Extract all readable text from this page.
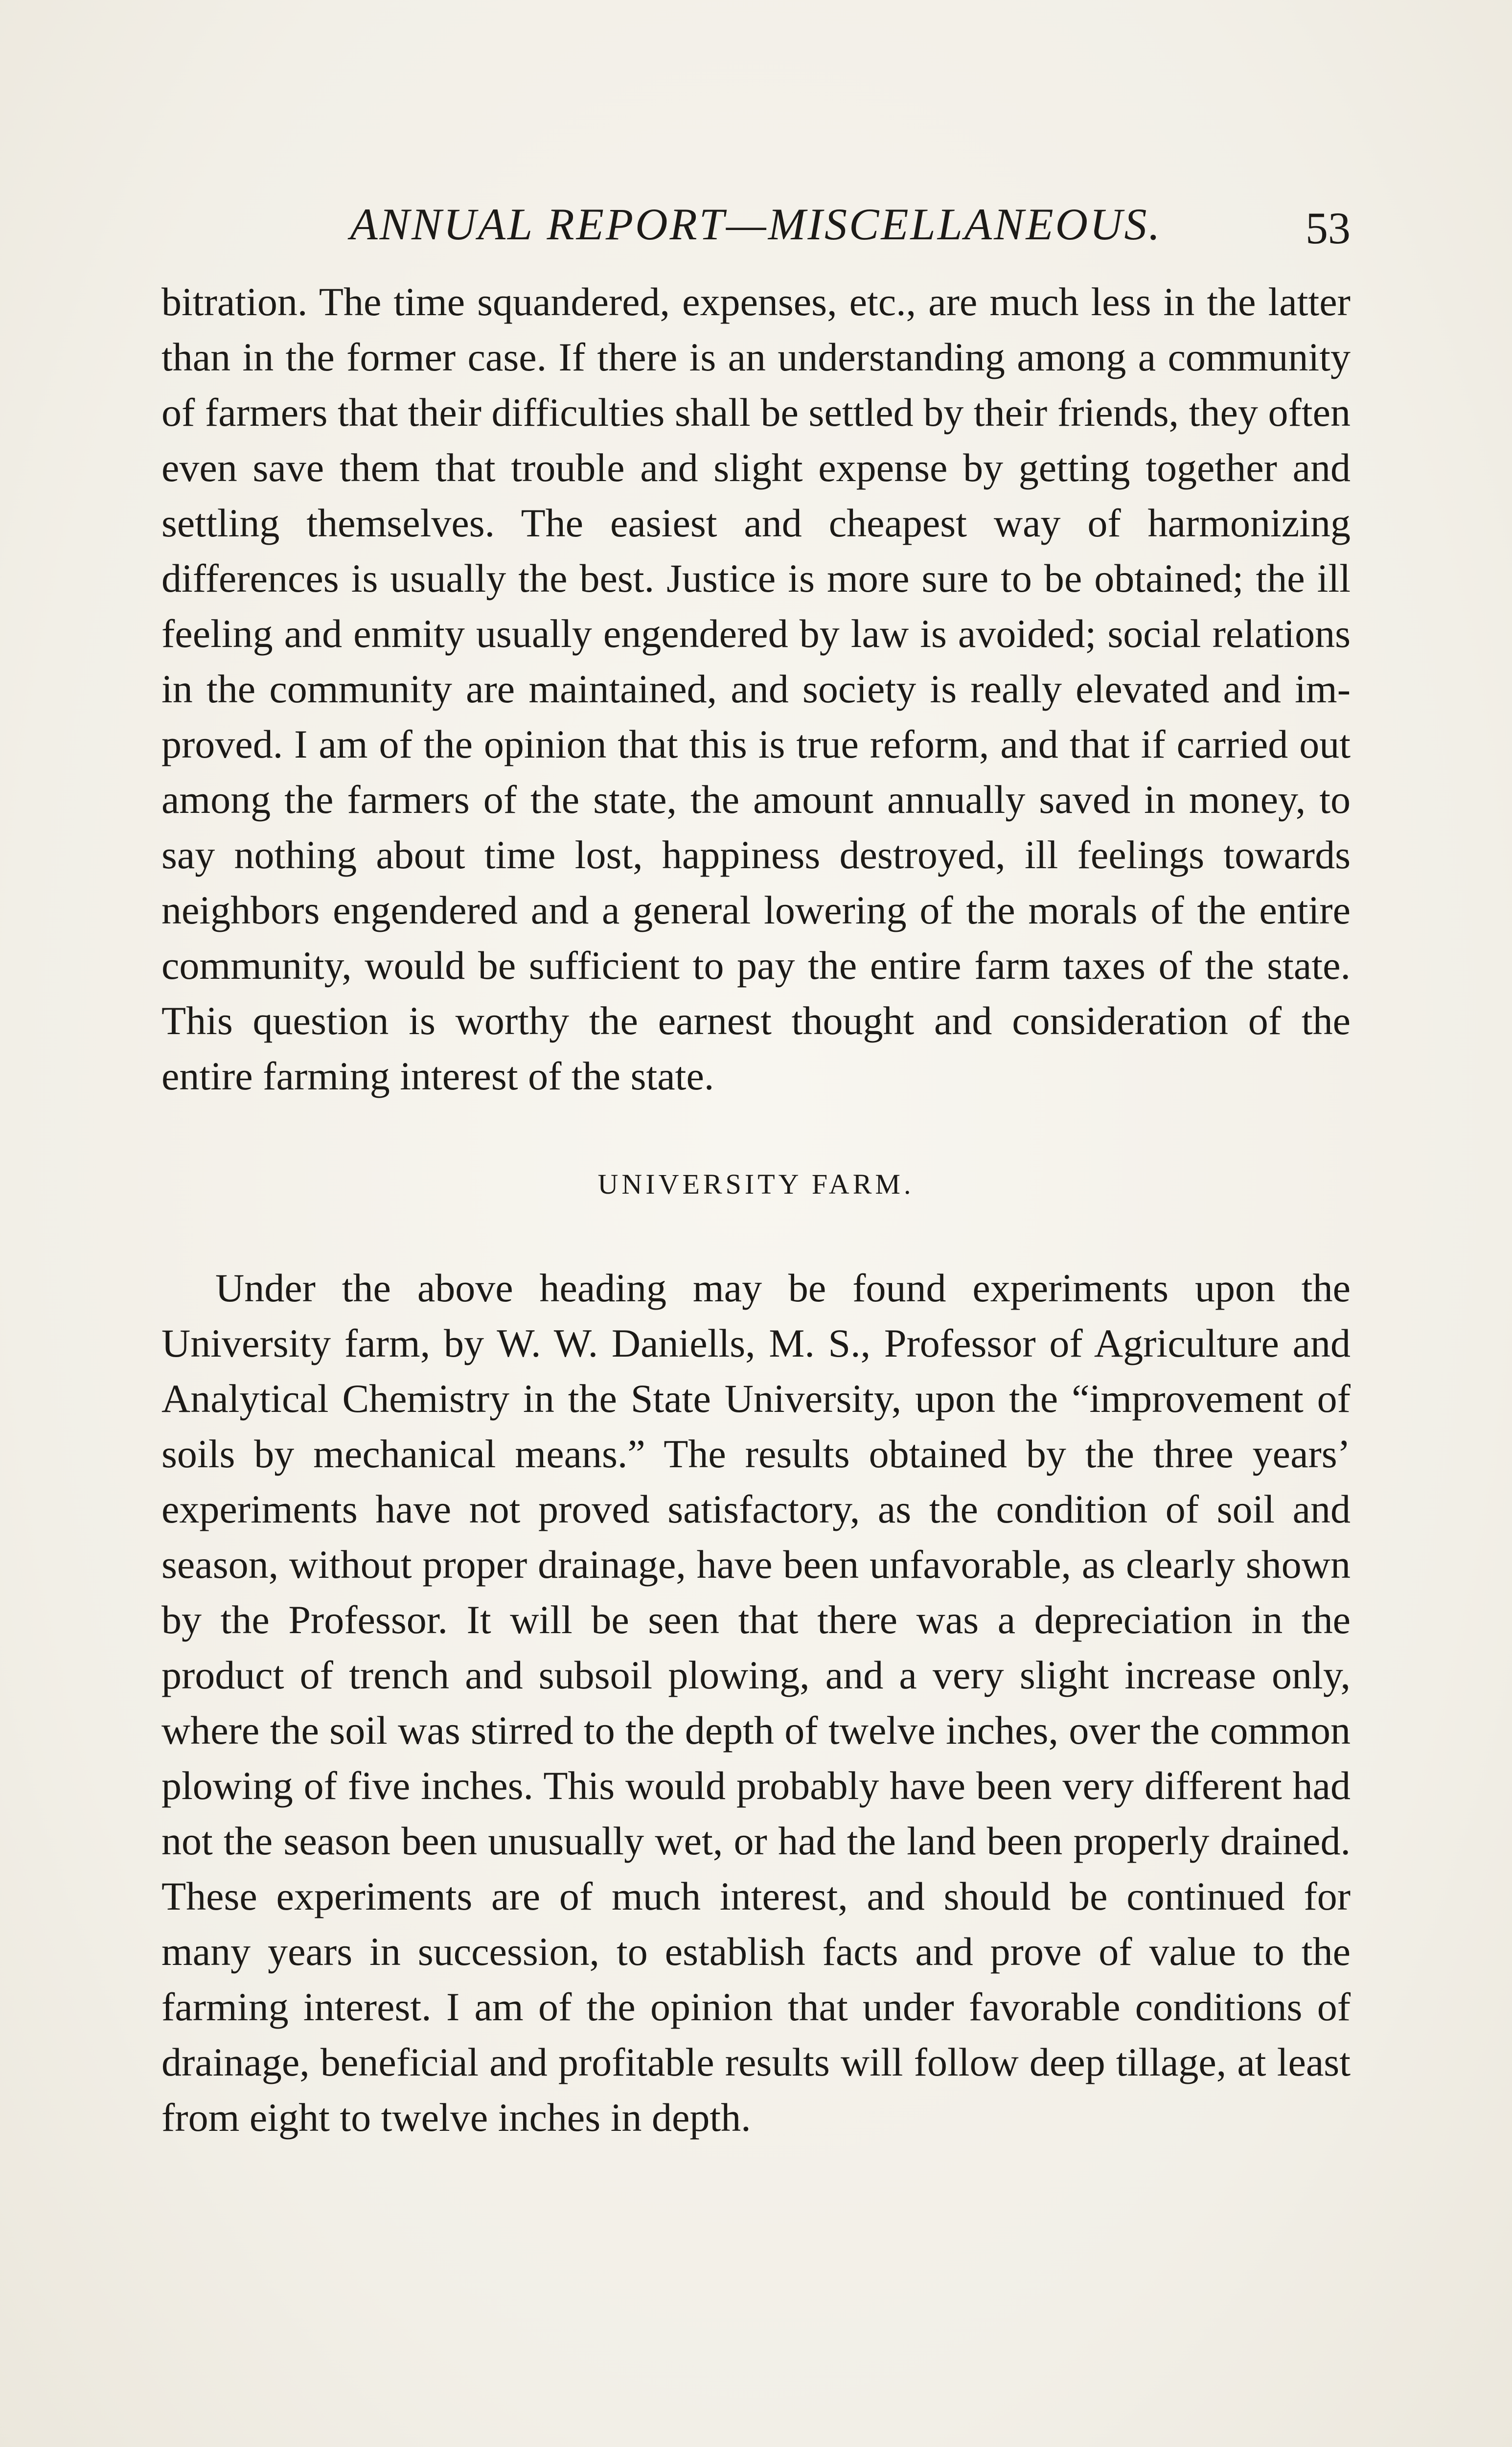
ANNUAL REPORT—MISCELLANEOUS.	53

bitration. The time squandered, expenses, etc., are much less in the latter than in the former case. If there is an understanding among a community of farmers that their difficulties shall be settled by their friends, they often even save them that trouble and slight expense by getting together and settling themselves. The easiest and cheapest way of harmonizing differences is usually the best. Justice is more sure to be obtained; the ill feeling and enmity usually engendered by law is avoided; social relations in the community are maintained, and society is really elevated and improved. I am of the opinion that this is true reform, and that if carried out among the farmers of the state, the amount annually saved in money, to say nothing about time lost, happiness destroyed, ill feelings towards neighbors engendered and a general lowering of the morals of the entire community, would be sufficient to pay the entire farm taxes of the state. This question is worthy the earnest thought and consideration of the entire farming interest of the state.

UNIVERSITY FARM.

Under the above heading may be found experiments upon the University farm, by W. W. Daniells, M. S., Professor of Agriculture and Analytical Chemistry in the State University, upon the “improvement of soils by mechanical means.” The results obtained by the three years’ experiments have not proved satisfactory, as the condition of soil and season, without proper drainage, have been unfavorable, as clearly shown by the Professor. It will be seen that there was a depreciation in the product of trench and subsoil plowing, and a very slight increase only, where the soil was stirred to the depth of twelve inches, over the common plowing of five inches. This would probably have been very different had not the season been unusually wet, or had the land been properly drained. These experiments are of much interest, and should be continued for many years in succession, to establish facts and prove of value to the farming interest. I am of the opinion that under favorable conditions of drainage, beneficial and profitable results will follow deep tillage, at least from eight to twelve inches in depth.
